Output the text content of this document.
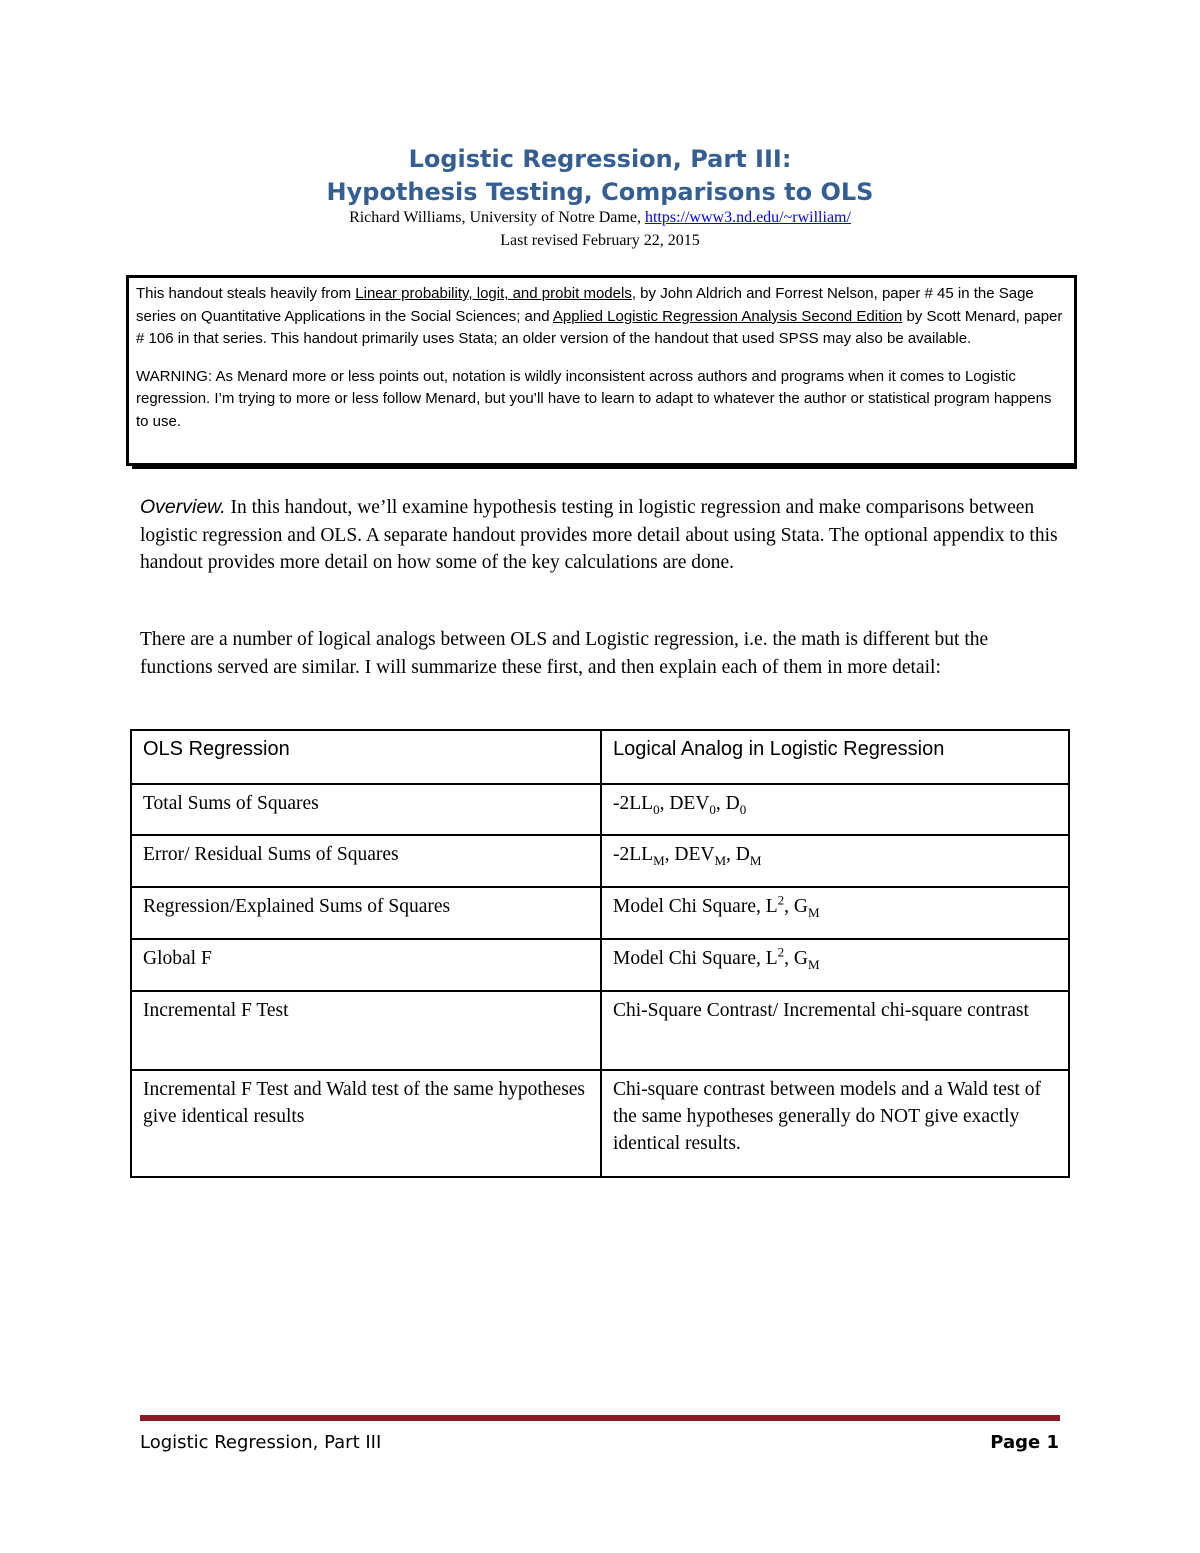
Logistic Regression, Part III:
Hypothesis Testing, Comparisons to OLS
Richard Williams, University of Notre Dame, https://www3.nd.edu/~rwilliam/
Last revised February 22, 2015

This handout steals heavily from Linear probability, logit, and probit models, by John Aldrich and Forrest Nelson, paper # 45 in the Sage series on Quantitative Applications in the Social Sciences; and Applied Logistic Regression Analysis Second Edition by Scott Menard, paper # 106 in that series. This handout primarily uses Stata; an older version of the handout that used SPSS may also be available.

WARNING: As Menard more or less points out, notation is wildly inconsistent across authors and programs when it comes to Logistic regression. I’m trying to more or less follow Menard, but you’ll have to learn to adapt to whatever the author or statistical program happens to use.

Overview. In this handout, we’ll examine hypothesis testing in logistic regression and make comparisons between logistic regression and OLS. A separate handout provides more detail about using Stata. The optional appendix to this handout provides more detail on how some of the key calculations are done.
There are a number of logical analogs between OLS and Logistic regression, i.e. the math is different but the functions served are similar. I will summarize these first, and then explain each of them in more detail:
OLS Regression	Logical Analog in Logistic Regression
Total Sums of Squares	$-2LL_0$, $DEV_0$, $D_0$
Error/ Residual Sums of Squares	$-2LL_M$, $DEV_M$, $D_M$
Regression/Explained Sums of Squares	Model Chi Square, $L^2$, $G_M$
Global F	Model Chi Square, $L^2$, $G_M$
Incremental F Test	Chi-Square Contrast/ Incremental chi-square contrast
Incremental F Test and Wald test of the same hypotheses give identical results	Chi-square contrast between models and a Wald test of the same hypotheses generally do NOT give exactly identical results.
Logistic Regression, Part III	Page 1
